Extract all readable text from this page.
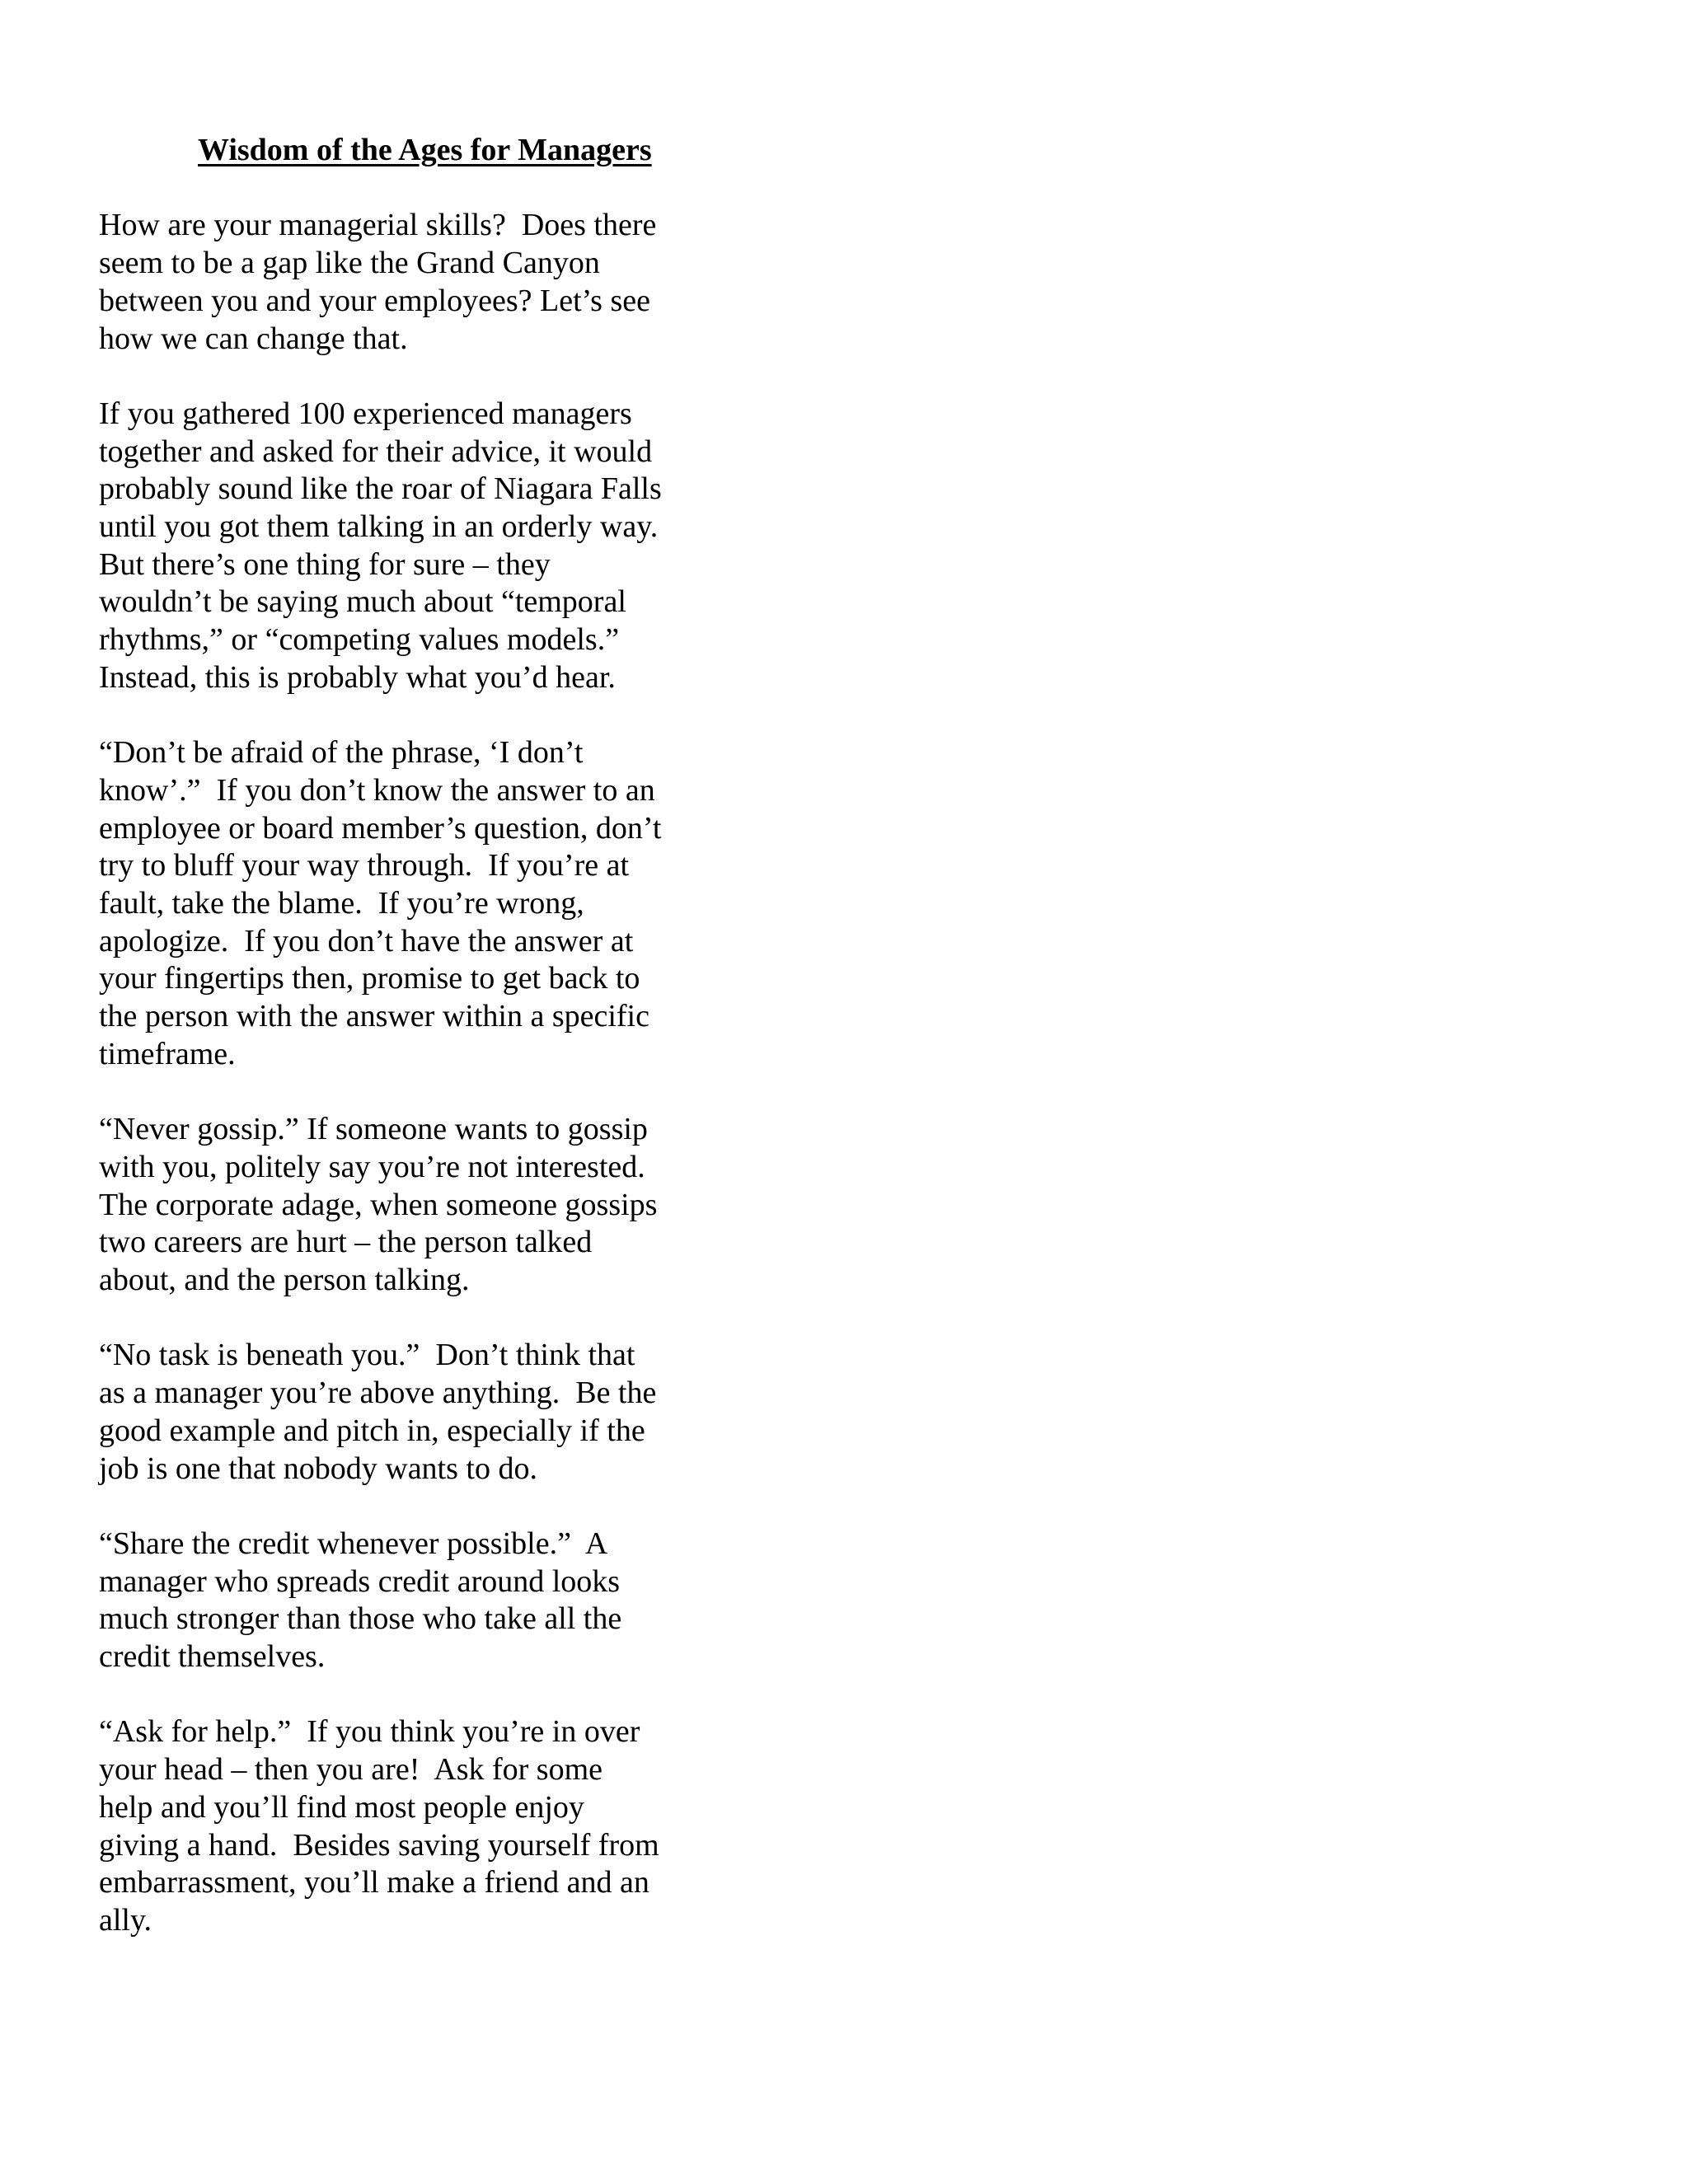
Wisdom of the Ages for Managers
How are your managerial skills?  Does there
seem to be a gap like the Grand Canyon
between you and your employees? Let’s see
how we can change that.
If you gathered 100 experienced managers
together and asked for their advice, it would
probably sound like the roar of Niagara Falls
until you got them talking in an orderly way.
But there’s one thing for sure – they
wouldn’t be saying much about “temporal
rhythms,” or “competing values models.”
Instead, this is probably what you’d hear.
“Don’t be afraid of the phrase, ‘I don’t
know’.”  If you don’t know the answer to an
employee or board member’s question, don’t
try to bluff your way through.  If you’re at
fault, take the blame.  If you’re wrong,
apologize.  If you don’t have the answer at
your fingertips then, promise to get back to
the person with the answer within a specific
timeframe.
“Never gossip.” If someone wants to gossip
with you, politely say you’re not interested.
The corporate adage, when someone gossips
two careers are hurt – the person talked
about, and the person talking.
“No task is beneath you.”  Don’t think that
as a manager you’re above anything.  Be the
good example and pitch in, especially if the
job is one that nobody wants to do.
“Share the credit whenever possible.”  A
manager who spreads credit around looks
much stronger than those who take all the
credit themselves.
“Ask for help.”  If you think you’re in over
your head – then you are!  Ask for some
help and you’ll find most people enjoy
giving a hand.  Besides saving yourself from
embarrassment, you’ll make a friend and an
ally.
